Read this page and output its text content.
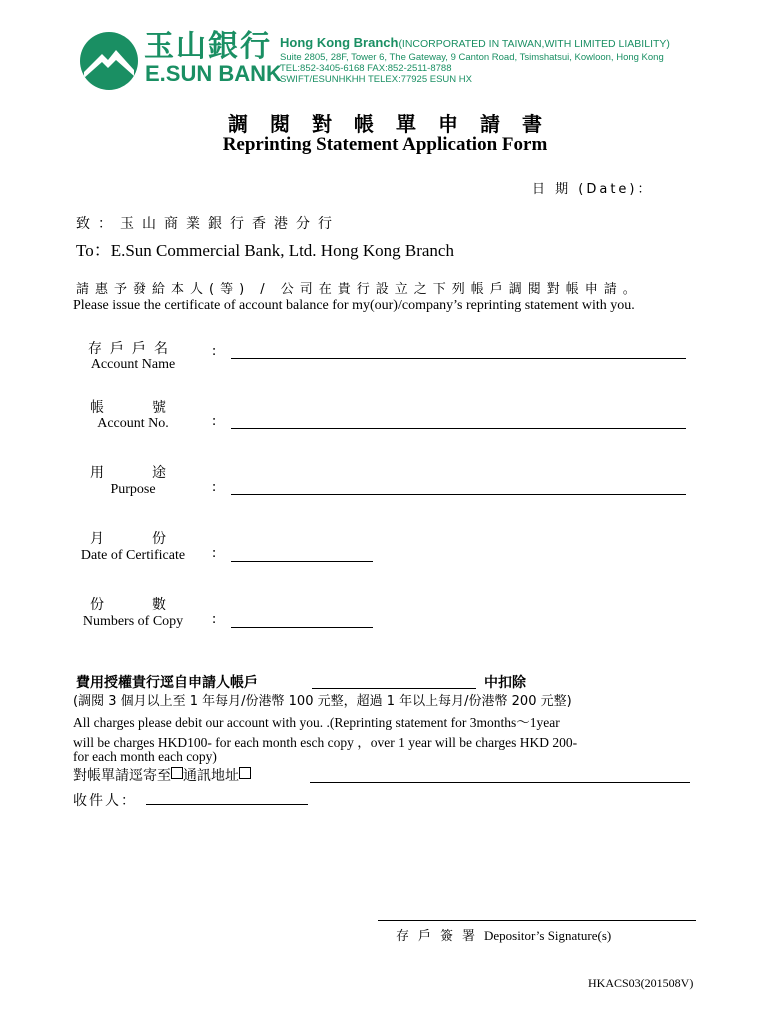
玉山銀行
E.SUN BANK
Hong Kong Branch(INCORPORATED IN TAIWAN,WITH LIMITED LIABILITY)
Suite 2805, 28F, Tower 6, The Gateway, 9 Canton Road, Tsimshatsui, Kowloon, Hong Kong
TEL:852-3405-6168 FAX:852-2511-8788
SWIFT/ESUNHKHH TELEX:77925 ESUN HX
調閱對帳單申請書
Reprinting Statement Application Form
日 期 (Date)：
致：玉山商業銀行香港分行
To：E.Sun Commercial Bank, Ltd. Hong Kong Branch
請惠予發給本人(等) / 公司在貴行設立之下列帳戶調閱對帳申請。
Please issue the certificate of account balance for my(our)/company’s reprinting statement with you.
存戶戶名
Account Name
:
帳號
Account No.	:
用途
Purpose	:
月份
Date of Certificate	:
份數
Numbers of Copy	:
費用授權貴行逕自申請人帳戶	中扣除
(調閱 3 個月以上至 1 年每月/份港幣 100 元整，超過 1 年以上每月/份港幣 200 元整)
All charges please debit our account with you. .(Reprinting statement for 3months～1year
will be charges HKD100- for each month esch copy ，over 1 year will be charges HKD 200-
for each month each copy)
對帳單請逕寄至 通訊地址
收件人：
存戶簽署Depositor’s Signature(s)
HKACS03(201508V)
